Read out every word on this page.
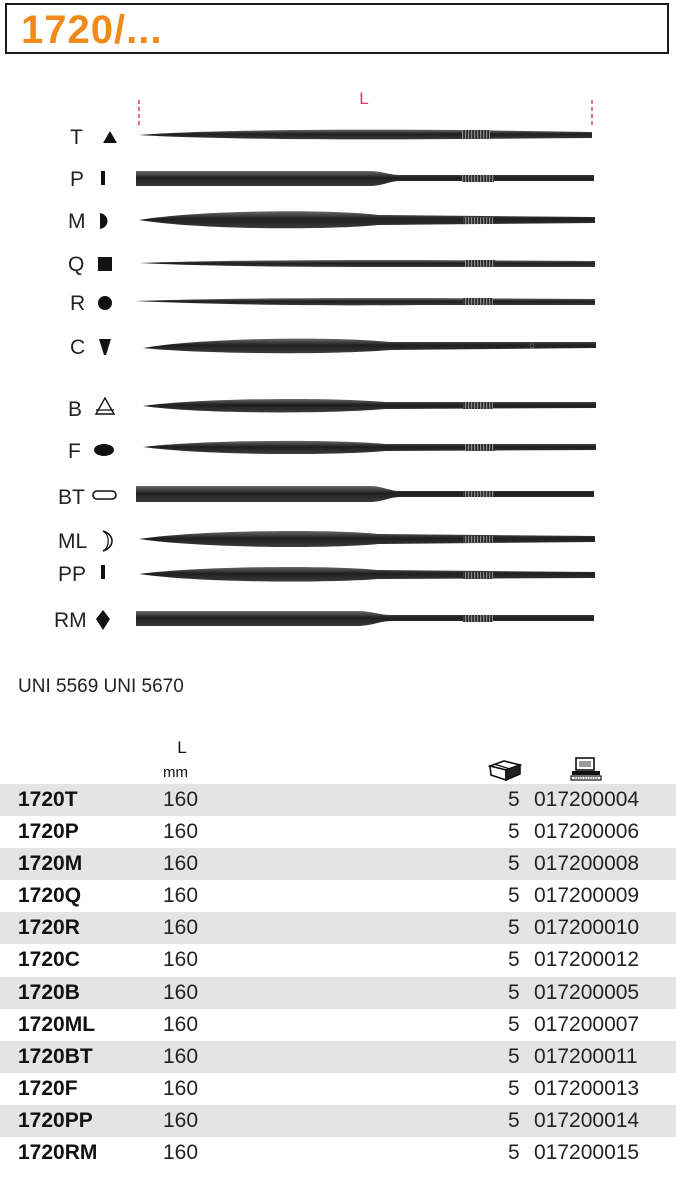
1720/...
L
T
P
M
Q
R
C
B
F
BT
ML
PP
RM
UNI 5569 UNI 5670
L
mm
1720T	160	5 017200004
1720P	160	5 017200006
1720M	160	5 017200008
1720Q	160	5 017200009
1720R	160	5 017200010
1720C	160	5 017200012
1720B	160	5 017200005
1720ML	160	5 017200007
1720BT	160	5 017200011
1720F	160	5 017200013
1720PP	160	5 017200014
1720RM	160	5 017200015
